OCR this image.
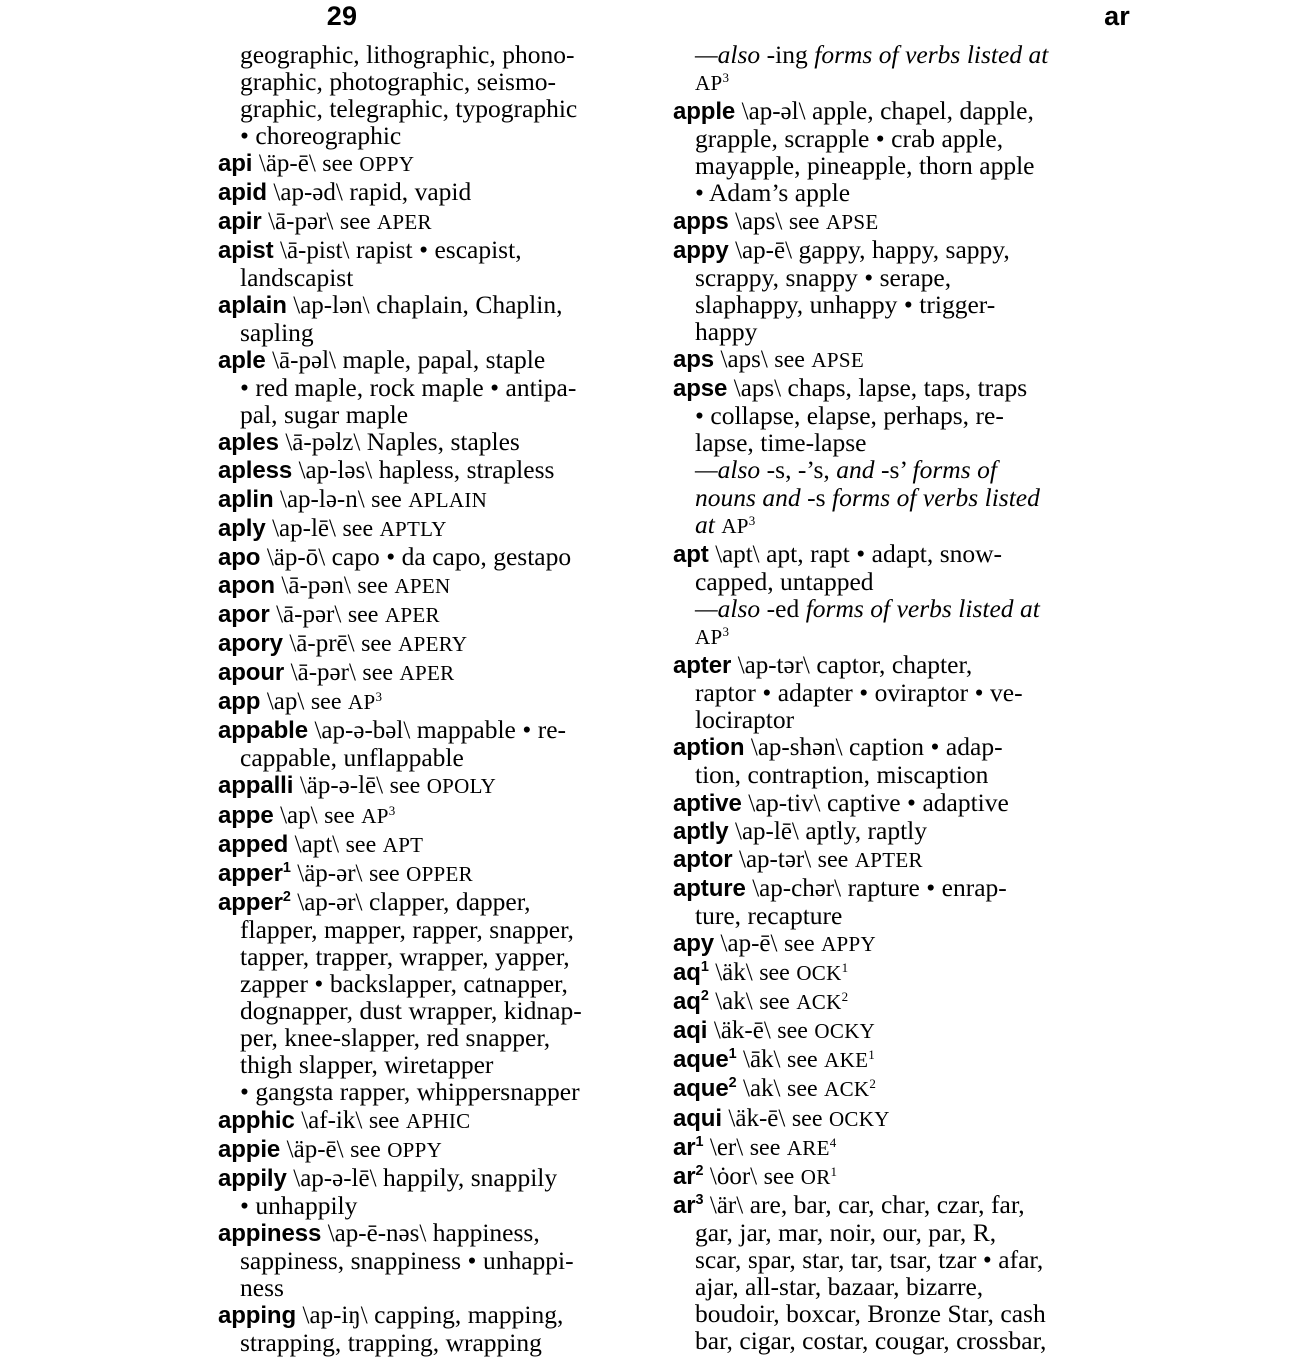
29	ar
geographic, lithographic, phono-
graphic, photographic, seismo-
graphic, telegraphic, typographic
• choreographic
api \äp-ē\ see OPPY
apid \ap-əd\ rapid, vapid
apir \ā-pər\ see APER
apist \ā-pist\ rapist • escapist,
landscapist
aplain \ap-lən\ chaplain, Chaplin,
sapling
aple \ā-pəl\ maple, papal, staple
• red maple, rock maple • antipa-
pal, sugar maple
aples \ā-pəlz\ Naples, staples
apless \ap-ləs\ hapless, strapless
aplin \ap-lə-n\ see APLAIN
aply \ap-lē\ see APTLY
apo \äp-ō\ capo • da capo, gestapo
apon \ā-pən\ see APEN
apor \ā-pər\ see APER
apory \ā-prē\ see APERY
apour \ā-pər\ see APER
app \ap\ see $AP^3$
appable \ap-ə-bəl\ mappable • re-
cappable, unflappable
appalli \äp-ə-lē\ see OPOLY
appe \ap\ see $AP^3$
apped \apt\ see APT
apper$^1$ \äp-ər\ see OPPER
apper$^2$ \ap-ər\ clapper, dapper,
flapper, mapper, rapper, snapper,
tapper, trapper, wrapper, yapper,
zapper • backslapper, catnapper,
dognapper, dust wrapper, kidnap-
per, knee-slapper, red snapper,
thigh slapper, wiretapper
• gangsta rapper, whippersnapper
apphic \af-ik\ see APHIC
appie \äp-ē\ see OPPY
appily \ap-ə-lē\ happily, snappily
• unhappily
appiness \ap-ē-nəs\ happiness,
sappiness, snappiness • unhappi-
ness
apping \ap-iŋ\ capping, mapping,
strapping, trapping, wrapping
—also -ing forms of verbs listed at
$AP^3$
apple \ap-əl\ apple, chapel, dapple,
grapple, scrapple • crab apple,
mayapple, pineapple, thorn apple
• Adam’s apple
apps \aps\ see APSE
appy \ap-ē\ gappy, happy, sappy,
scrappy, snappy • serape,
slaphappy, unhappy • trigger-
happy
aps \aps\ see APSE
apse \aps\ chaps, lapse, taps, traps
• collapse, elapse, perhaps, re-
lapse, time-lapse
—also -s, -’s, and -s’ forms of
nouns and -s forms of verbs listed
at $AP^3$
apt \apt\ apt, rapt • adapt, snow-
capped, untapped
—also -ed forms of verbs listed at
$AP^3$
apter \ap-tər\ captor, chapter,
raptor • adapter • oviraptor • ve-
lociraptor
aption \ap-shən\ caption • adap-
tion, contraption, miscaption
aptive \ap-tiv\ captive • adaptive
aptly \ap-lē\ aptly, raptly
aptor \ap-tər\ see APTER
apture \ap-chər\ rapture • enrap-
ture, recapture
apy \ap-ē\ see APPY
$aq^1$ \äk\ see OCK$^1$
$aq^2$ \ak\ see ACK$^2$
aqi \äk-ē\ see OCKY
aque$^1$ \āk\ see AKE$^1$
aque$^2$ \ak\ see ACK$^2$
aqui \äk-ē\ see OCKY
$ar^1$ \er\ see ARE$^4$
$ar^2$ \ȯor\ see $OR^1$
$ar^3$ \är\ are, bar, car, char, czar, far,
gar, jar, mar, noir, our, par, R,
scar, spar, star, tar, tsar, tzar • afar,
ajar, all-star, bazaar, bizarre,
boudoir, boxcar, Bronze Star, cash
bar, cigar, costar, cougar, crossbar,
